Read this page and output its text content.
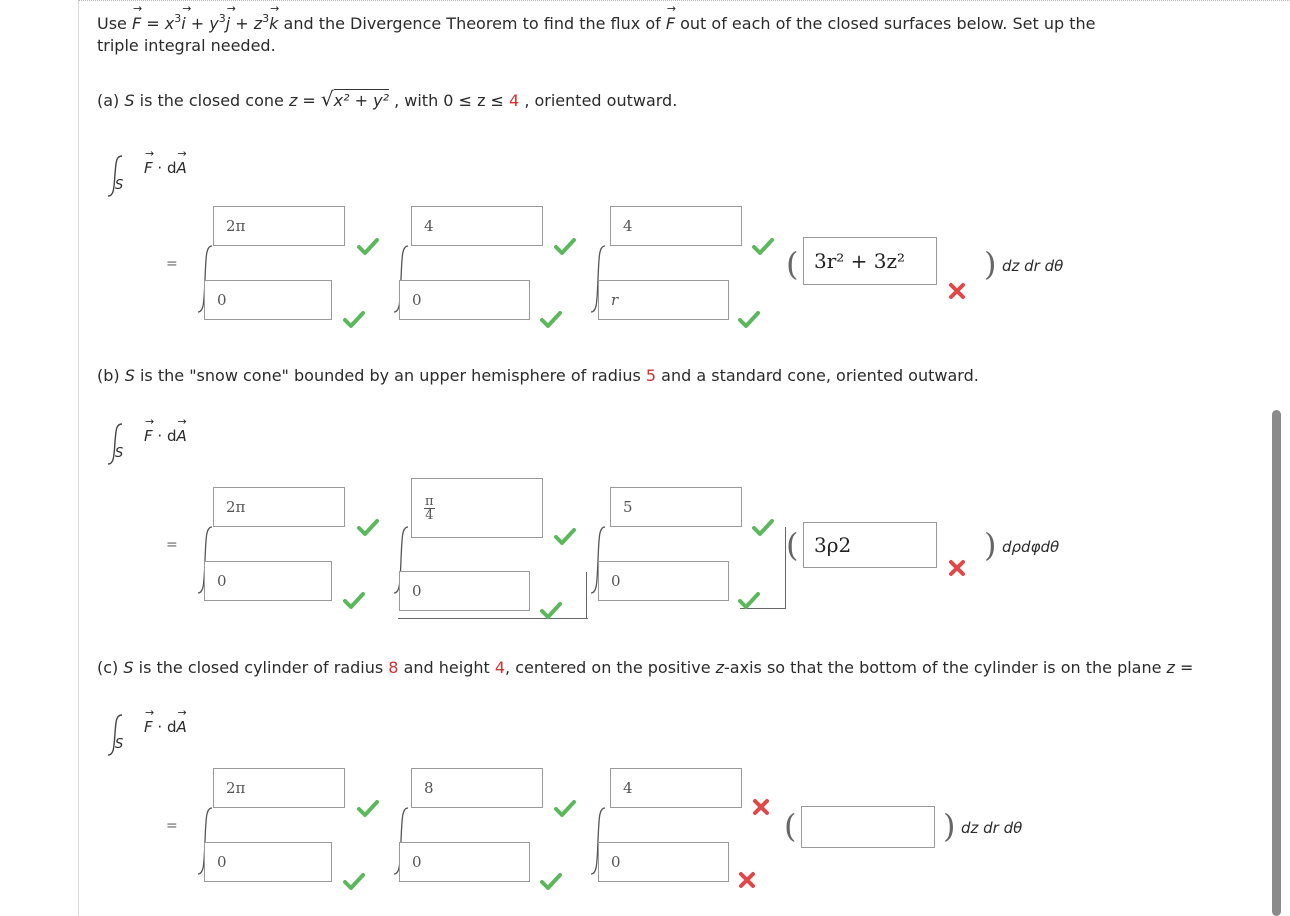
Use
→
$F = x^3$
→
$i + y^3$
→
$j + z^3$
→
k and the Divergence Theorem to find the flux of
→
F out of each of the closed surfaces below. Set up the
triple integral needed.
(a) S is the closed cone z = √x² + y² , with 0 ≤ z ≤ 4 , oriented outward.
S
→
F · d
→
A
(b) S is the "snow cone" bounded by an upper hemisphere of radius 5 and a standard cone, oriented outward.
S
→
F · d
→
A
(c) S is the closed cylinder of radius 8 and height 4, centered on the positive z-axis so that the bottom of the cylinder is on the plane z =
S
→
F · d
→
A
=
2π
0
4
0
4
r
( 3r² + 3z²	) dz dr dθ
=
2π
0
π
4
0
5
0
( 3ρ2	) dρdφdθ
=
2π
0
8
0
4
0
(	) dz dr dθ
